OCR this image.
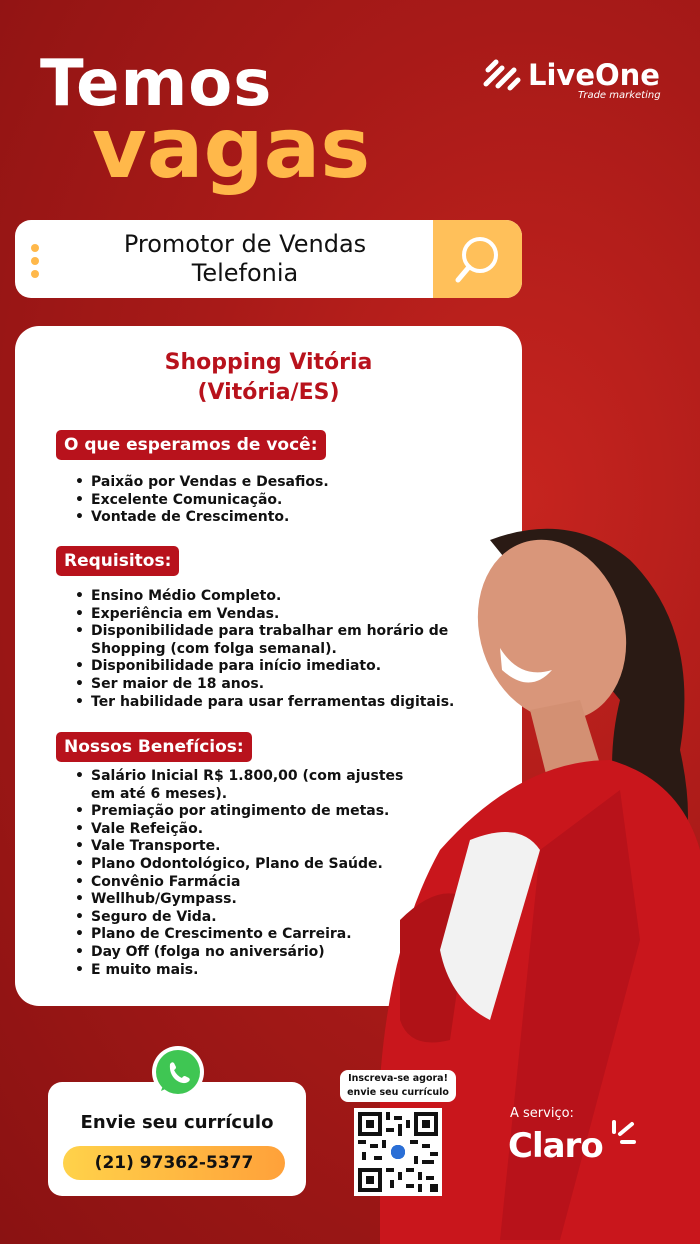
Temos
vagas
LiveOne
Trade marketing
Promotor de Vendas
Telefonia
Shopping Vitória
(Vitória/ES)
O que esperamos de você:
• Paixão por Vendas e Desafios.
• Excelente Comunicação.
• Vontade de Crescimento.
Requisitos:
• Ensino Médio Completo.
• Experiência em Vendas.
• Disponibilidade para trabalhar em horário de Shopping (com folga semanal).
• Disponibilidade para início imediato.
• Ser maior de 18 anos.
• Ter habilidade para usar ferramentas digitais.
Nossos Benefícios:
• Salário Inicial R$ 1.800,00 (com ajustes em até 6 meses).
• Premiação por atingimento de metas.
• Vale Refeição.
• Vale Transporte.
• Plano Odontológico, Plano de Saúde.
• Convênio Farmácia
• Wellhub/Gympass.
• Seguro de Vida.
• Plano de Crescimento e Carreira.
• Day Off (folga no aniversário)
• E muito mais.
Envie seu currículo
(21) 97362-5377
Inscreva-se agora!
envie seu currículo
A serviço:
Claro
